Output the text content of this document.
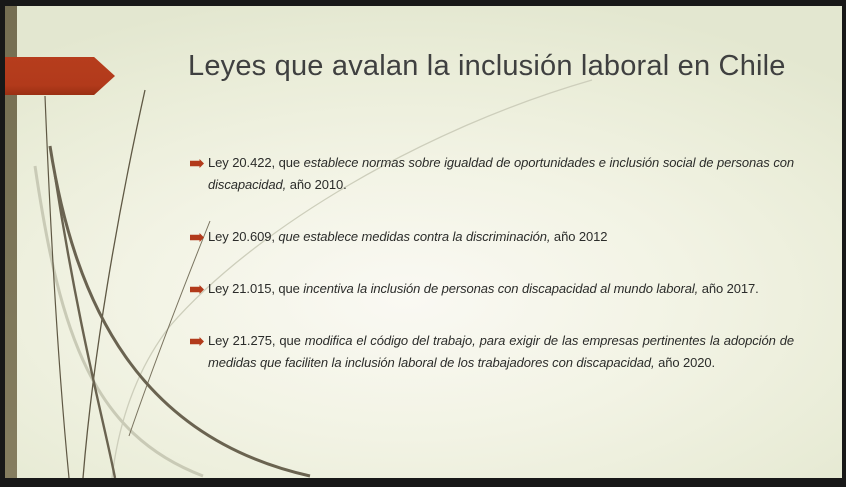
Leyes que avalan la inclusión laboral en Chile

Ley 20.422, que establece normas sobre igualdad de oportunidades e inclusión social de personas con discapacidad, año 2010.

Ley 20.609, que establece medidas contra la discriminación, año 2012

Ley 21.015, que incentiva la inclusión de personas con discapacidad al mundo laboral, año 2017.

Ley 21.275, que modifica el código del trabajo, para exigir de las empresas pertinentes la adopción de medidas que faciliten la inclusión laboral de los trabajadores con discapacidad, año 2020.
